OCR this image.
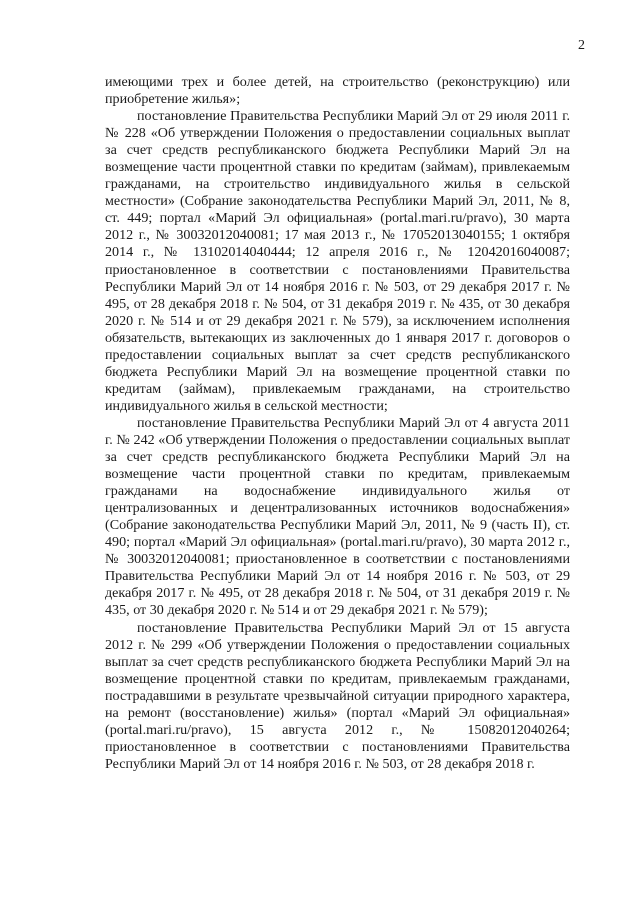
2

имеющими трех и более детей, на строительство (реконструкцию) или приобретение жилья»;

постановление Правительства Республики Марий Эл от 29 июля 2011 г. № 228 «Об утверждении Положения о предоставлении социальных выплат за счет средств республиканского бюджета Республики Марий Эл на возмещение части процентной ставки по кредитам (займам), привлекаемым гражданами, на строительство индивидуального жилья в сельской местности» (Собрание законодательства Республики Марий Эл, 2011, № 8, ст. 449; портал «Марий Эл официальная» (portal.mari.ru/pravo), 30 марта 2012 г., № 30032012040081; 17 мая 2013 г., № 17052013040155; 1 октября 2014 г., № 13102014040444; 12 апреля 2016 г., № 12042016040087; приостановленное в соответствии с постановлениями Правительства Республики Марий Эл от 14 ноября 2016 г. № 503, от 29 декабря 2017 г. № 495, от 28 декабря 2018 г. № 504, от 31 декабря 2019 г. № 435, от 30 декабря 2020 г. № 514 и от 29 декабря 2021 г. № 579), за исключением исполнения обязательств, вытекающих из заключенных до 1 января 2017 г. договоров о предоставлении социальных выплат за счет средств республиканского бюджета Республики Марий Эл на возмещение процентной ставки по кредитам (займам), привлекаемым гражданами, на строительство индивидуального жилья в сельской местности;

постановление Правительства Республики Марий Эл от 4 августа 2011 г. № 242 «Об утверждении Положения о предоставлении социальных выплат за счет средств республиканского бюджета Республики Марий Эл на возмещение части процентной ставки по кредитам, привлекаемым гражданами на водоснабжение индивидуального жилья от централизованных и децентрализованных источников водоснабжения» (Собрание законодательства Республики Марий Эл, 2011, № 9 (часть II), ст. 490; портал «Марий Эл официальная» (portal.mari.ru/pravo), 30 марта 2012 г., № 30032012040081; приостановленное в соответствии с постановлениями Правительства Республики Марий Эл от 14 ноября 2016 г. № 503, от 29 декабря 2017 г. № 495, от 28 декабря 2018 г. № 504, от 31 декабря 2019 г. № 435, от 30 декабря 2020 г. № 514 и от 29 декабря 2021 г. № 579);

постановление Правительства Республики Марий Эл от 15 августа 2012 г. № 299 «Об утверждении Положения о предоставлении социальных выплат за счет средств республиканского бюджета Республики Марий Эл на возмещение процентной ставки по кредитам, привлекаемым гражданами, пострадавшими в результате чрезвычайной ситуации природного характера, на ремонт (восстановление) жилья» (портал «Марий Эл официальная» (portal.mari.ru/pravo), 15 августа 2012 г., № 15082012040264; приостановленное в соответствии с постановлениями Правительства Республики Марий Эл от 14 ноября 2016 г. № 503, от 28 декабря 2018 г.
